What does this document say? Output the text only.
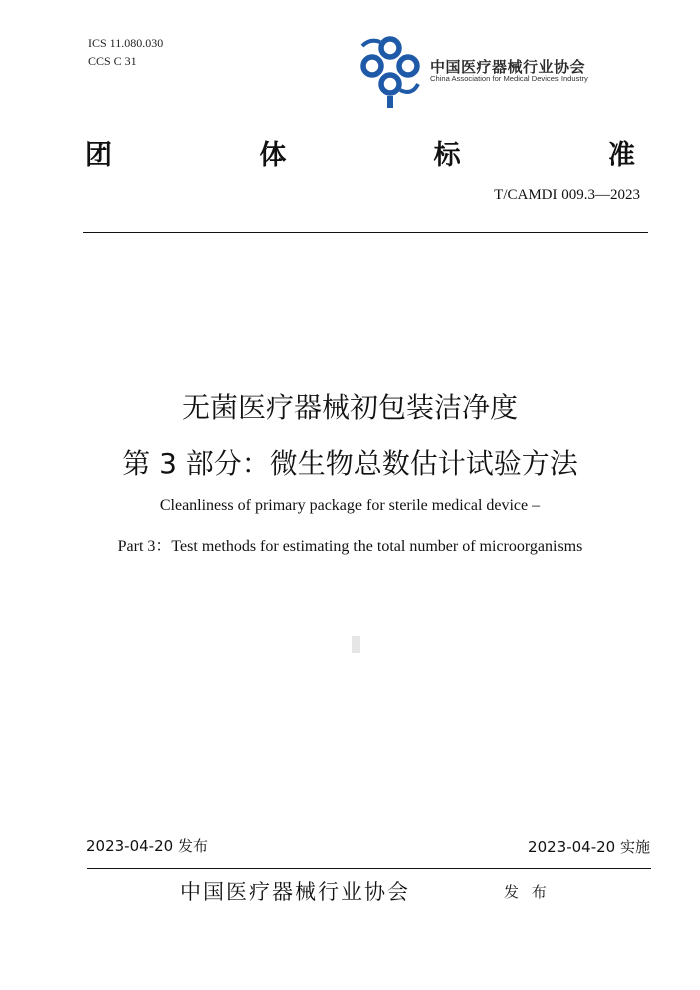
ICS 11.080.030
CCS C 31	中国医疗器械行业协会
China Association for Medical Devices Industry
团	体	标	准
T/CAMDI 009.3—2023
无菌医疗器械初包装洁净度
第 3 部分：微生物总数估计试验方法
Cleanliness of primary package for sterile medical device –
Part 3：Test methods for estimating the total number of microorganisms
2023-04-20 发布	2023-04-20 实施
中国医疗器械行业协会	发 布
